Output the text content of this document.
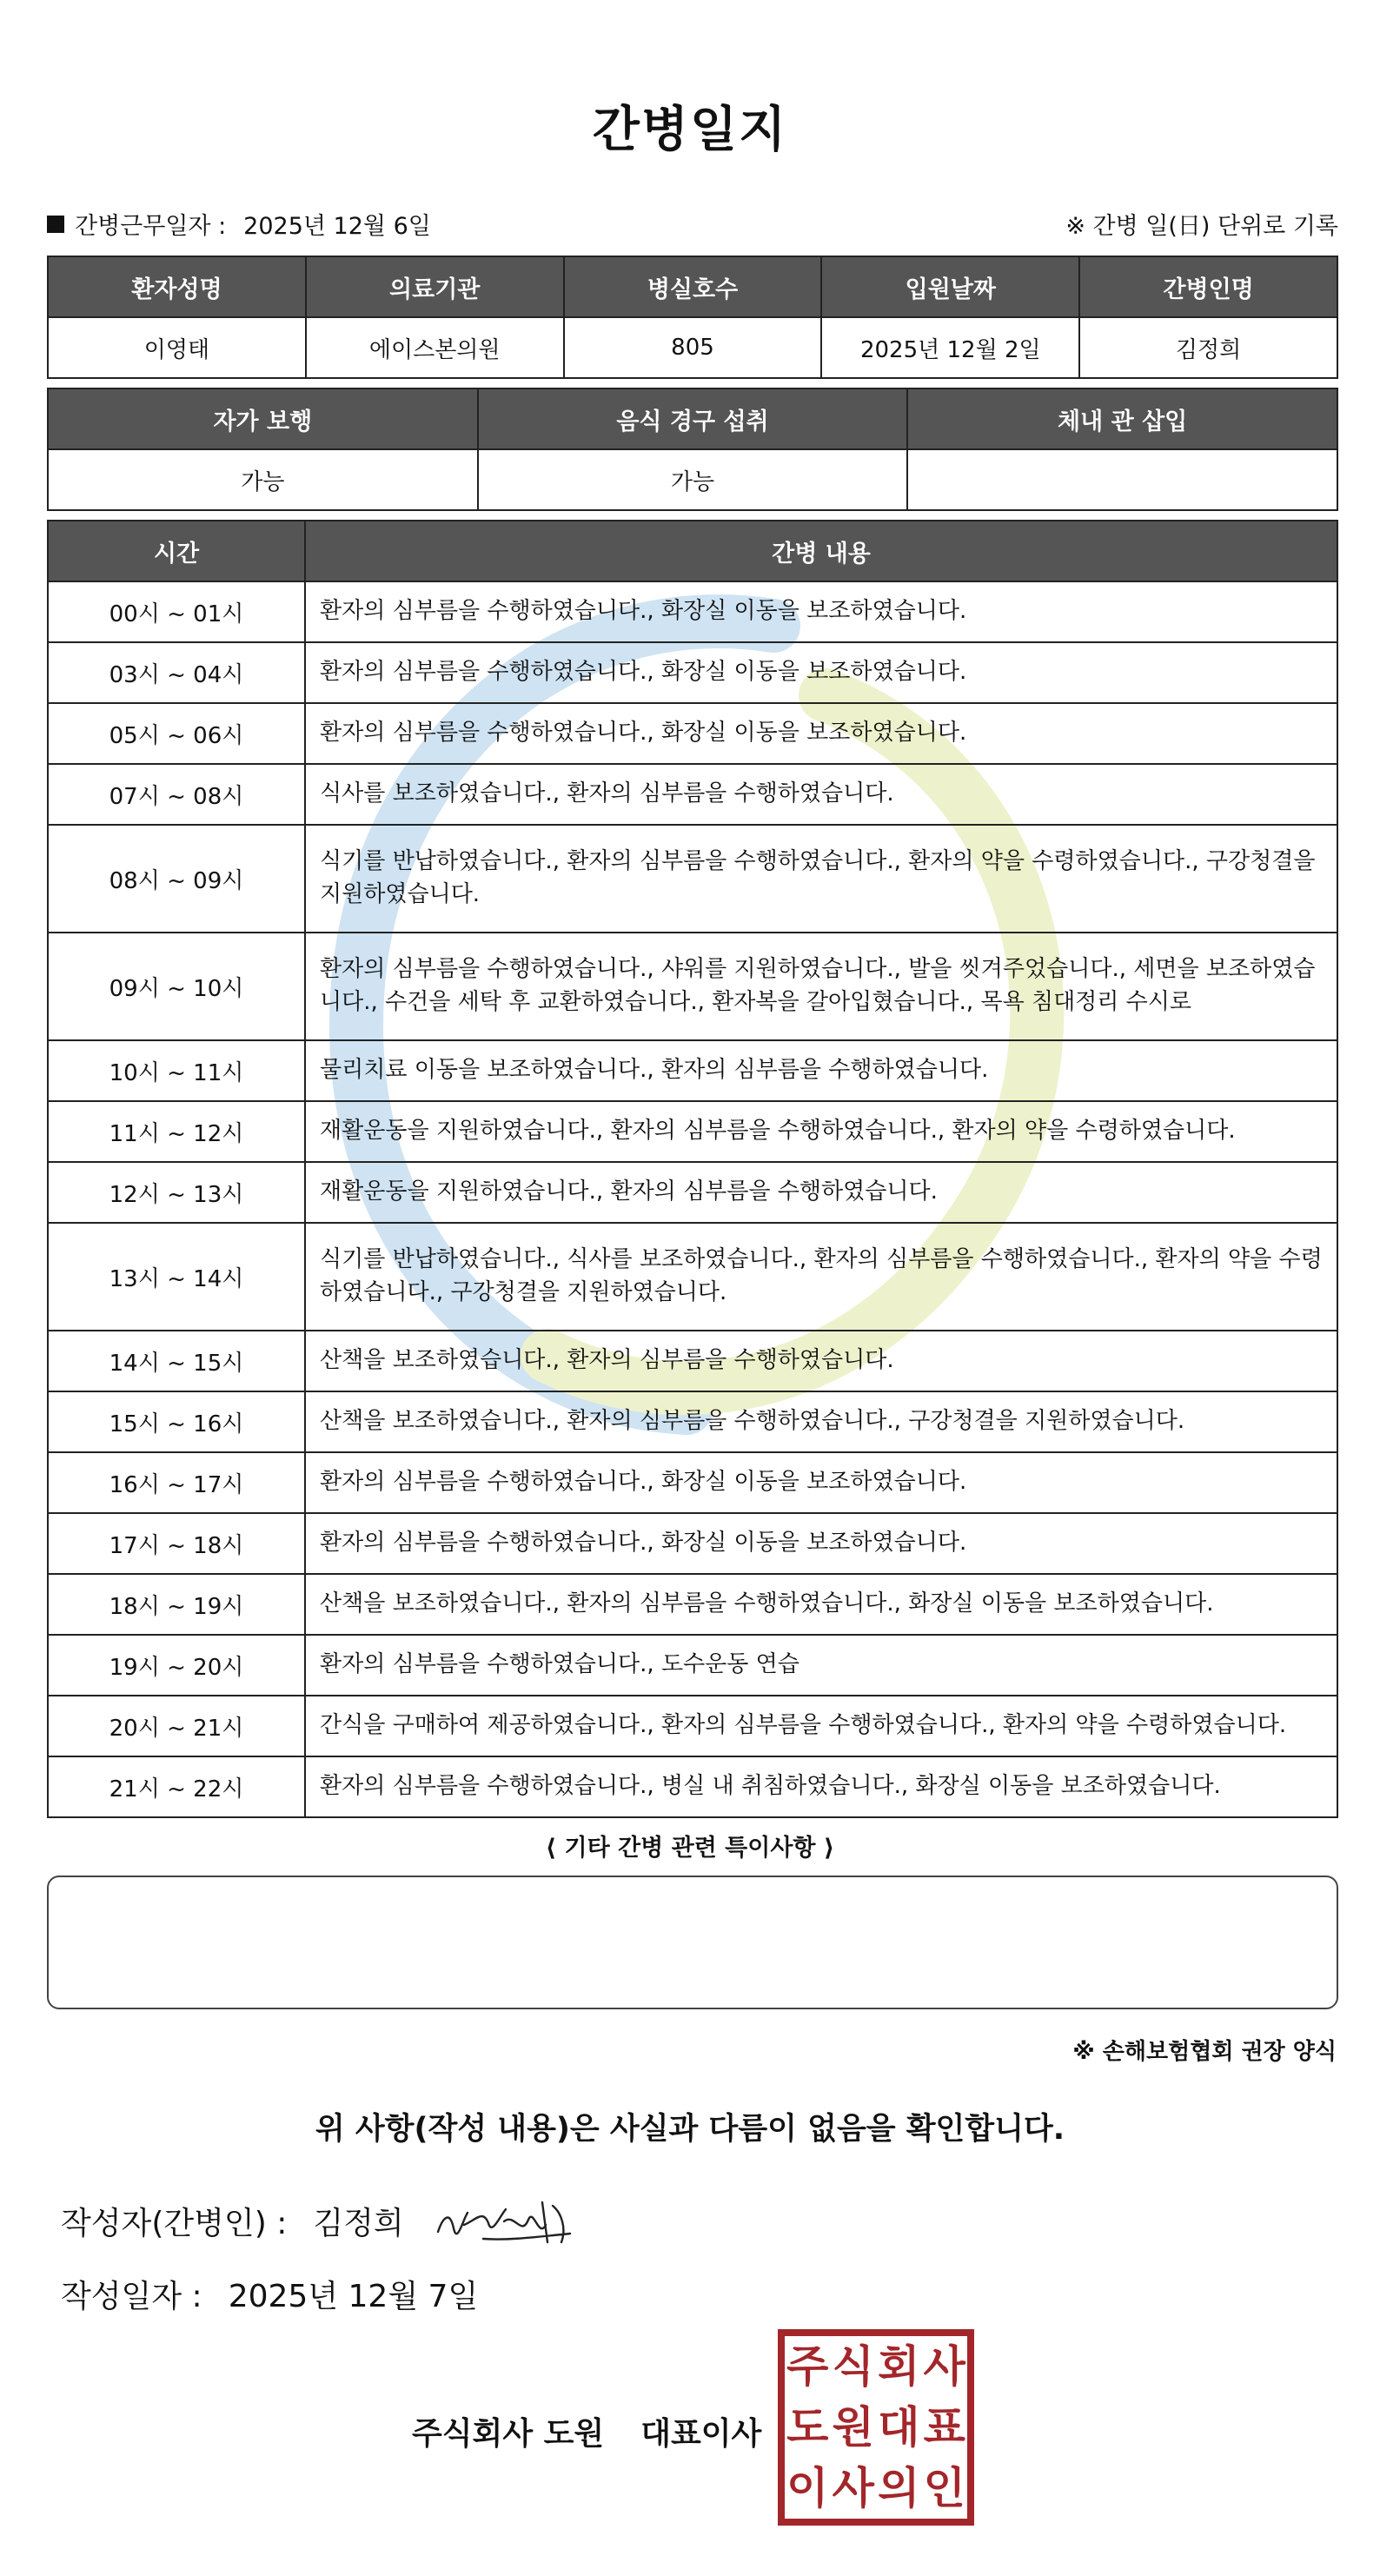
간병일지
간병근무일자 : 2025년 12월 6일	※ 간병 일(日) 단위로 기록
환자성명	의료기관	병실호수	입원날짜	간병인명
이영태	에이스본의원	805	2025년 12월 2일	김정희
자가 보행	음식 경구 섭취	체내 관 삽입
가능	가능	
시간	간병 내용
00시 ~ 01시	환자의 심부름을 수행하였습니다., 화장실 이동을 보조하였습니다.
03시 ~ 04시	환자의 심부름을 수행하였습니다., 화장실 이동을 보조하였습니다.
05시 ~ 06시	환자의 심부름을 수행하였습니다., 화장실 이동을 보조하였습니다.
07시 ~ 08시	식사를 보조하였습니다., 환자의 심부름을 수행하였습니다.
08시 ~ 09시	식기를 반납하였습니다., 환자의 심부름을 수행하였습니다., 환자의 약을 수령하였습니다., 구강청결을 지원하였습니다.
09시 ~ 10시	환자의 심부름을 수행하였습니다., 샤워를 지원하였습니다., 발을 씻겨주었습니다., 세면을 보조하였습니다., 수건을 세탁 후 교환하였습니다., 환자복을 갈아입혔습니다., 목욕 침대정리 수시로
10시 ~ 11시	물리치료 이동을 보조하였습니다., 환자의 심부름을 수행하였습니다.
11시 ~ 12시	재활운동을 지원하였습니다., 환자의 심부름을 수행하였습니다., 환자의 약을 수령하였습니다.
12시 ~ 13시	재활운동을 지원하였습니다., 환자의 심부름을 수행하였습니다.
13시 ~ 14시	식기를 반납하였습니다., 식사를 보조하였습니다., 환자의 심부름을 수행하였습니다., 환자의 약을 수령하였습니다., 구강청결을 지원하였습니다.
14시 ~ 15시	산책을 보조하였습니다., 환자의 심부름을 수행하였습니다.
15시 ~ 16시	산책을 보조하였습니다., 환자의 심부름을 수행하였습니다., 구강청결을 지원하였습니다.
16시 ~ 17시	환자의 심부름을 수행하였습니다., 화장실 이동을 보조하였습니다.
17시 ~ 18시	환자의 심부름을 수행하였습니다., 화장실 이동을 보조하였습니다.
18시 ~ 19시	산책을 보조하였습니다., 환자의 심부름을 수행하였습니다., 화장실 이동을 보조하였습니다.
19시 ~ 20시	환자의 심부름을 수행하였습니다., 도수운동 연습
20시 ~ 21시	간식을 구매하여 제공하였습니다., 환자의 심부름을 수행하였습니다., 환자의 약을 수령하였습니다.
21시 ~ 22시	환자의 심부름을 수행하였습니다., 병실 내 취침하였습니다., 화장실 이동을 보조하였습니다.
⟨ 기타 간병 관련 특이사항 ⟩
※ 손해보험협회 권장 양식
위 사항(작성 내용)은 사실과 다름이 없음을 확인합니다.
작성자(간병인) : 김정희
작성일자 : 2025년 12월 7일
주식회사 도원 대표이사
주 식 회 사
도 원 대 표
이 사 의 인
